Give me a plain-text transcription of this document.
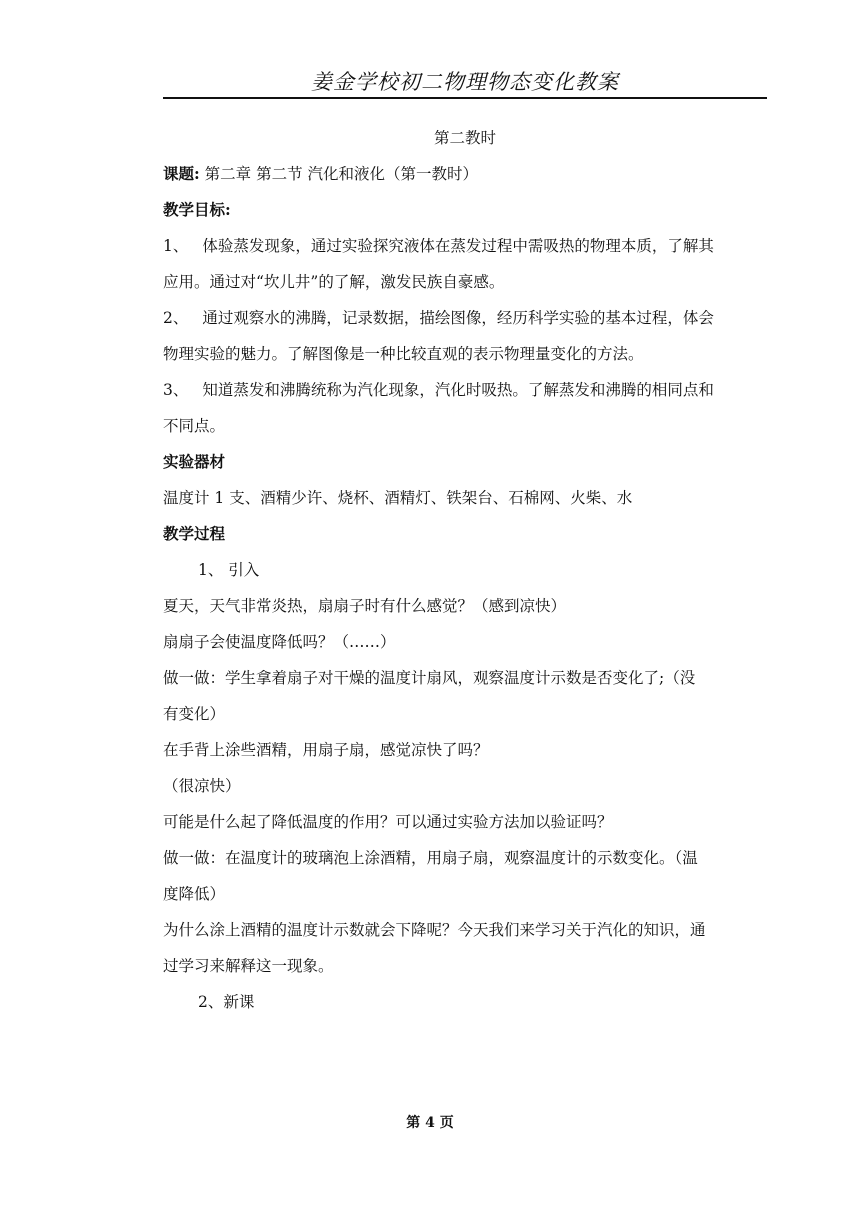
姜金学校初二物理物态变化教案
第二教时
课题: 第二章 第二节 汽化和液化（第一教时）
教学目标:
1、 体验蒸发现象，通过实验探究液体在蒸发过程中需吸热的物理本质，了解其
应用。通过对“坎儿井”的了解，激发民族自豪感。
2、 通过观察水的沸腾，记录数据，描绘图像，经历科学实验的基本过程，体会
物理实验的魅力。了解图像是一种比较直观的表示物理量变化的方法。
3、 知道蒸发和沸腾统称为汽化现象，汽化时吸热。了解蒸发和沸腾的相同点和
不同点。
实验器材
温度计 1 支、酒精少许、烧杯、酒精灯、铁架台、石棉网、火柴、水
教学过程
1、 引入
夏天，天气非常炎热，扇扇子时有什么感觉？（感到凉快）
扇扇子会使温度降低吗？（……）
做一做：学生拿着扇子对干燥的温度计扇风，观察温度计示数是否变化了;（没
有变化）
在手背上涂些酒精，用扇子扇，感觉凉快了吗？
（很凉快）
可能是什么起了降低温度的作用？可以通过实验方法加以验证吗？
做一做：在温度计的玻璃泡上涂酒精，用扇子扇，观察温度计的示数变化。（温
度降低）
为什么涂上酒精的温度计示数就会下降呢？今天我们来学习关于汽化的知识，通
过学习来解释这一现象。
2、新课
第 4 页
